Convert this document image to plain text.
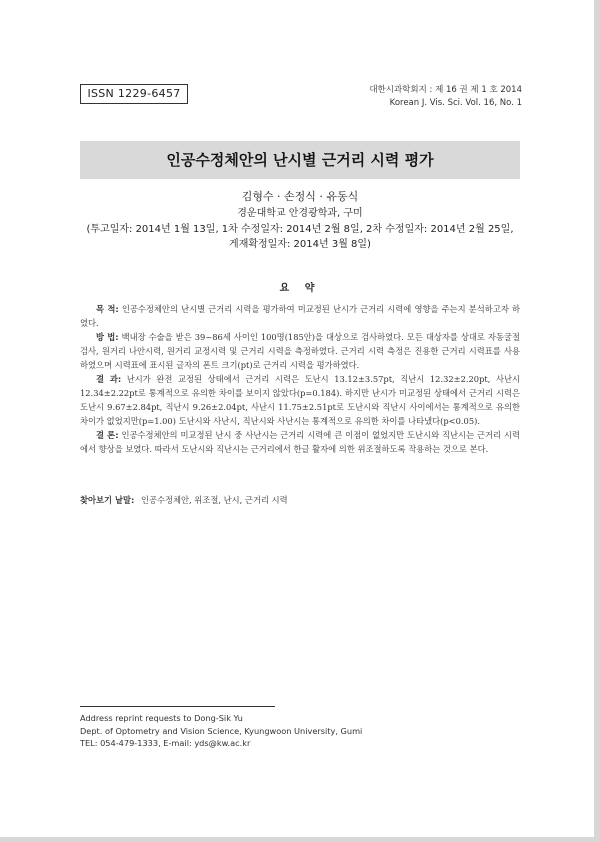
ISSN 1229-6457	대한시과학회지 : 제 16 권 제 1 호 2014
Korean J. Vis. Sci. Vol. 16, No. 1
인공수정체안의 난시별 근거리 시력 평가
김형수 · 손정식 · 유동식
경운대학교 안경광학과, 구미
(투고일자: 2014년 1월 13일, 1차 수정일자: 2014년 2월 8일, 2차 수정일자: 2014년 2월 25일,
게재확정일자: 2014년 3월 8일)
요 약

목 적: 인공수정체안의 난시별 근거리 시력을 평가하여 미교정된 난시가 근거리 시력에 영향을 주는지 분석하고자 하였다.

방 법: 백내장 수술을 받은 39~86세 사이인 100명(185안)을 대상으로 검사하였다. 모든 대상자를 상대로 자동굴절검사, 원거리 나안시력, 원거리 교정시력 및 근거리 시력을 측정하였다. 근거리 시력 측정은 진용한 근거리 시력표를 사용하였으며 시력표에 표시된 글자의 폰트 크기(pt)로 근거리 시력을 평가하였다.

결 과: 난시가 완전 교정된 상태에서 근거리 시력은 도난시 13.12±3.57pt, 직난시 12.32±2.20pt, 사난시 12.34±2.22pt로 통계적으로 유의한 차이를 보이지 않았다(p=0.184). 하지만 난시가 미교정된 상태에서 근거리 시력은 도난시 9.67±2.84pt, 직난시 9.26±2.04pt, 사난시 11.75±2.51pt로 도난시와 직난시 사이에서는 통계적으로 유의한 차이가 없었지만(p=1.00) 도난시와 사난시, 직난시와 사난시는 통계적으로 유의한 차이를 나타냈다(p<0.05).

결 론: 인공수정체안의 미교정된 난시 중 사난시는 근거리 시력에 큰 이점이 없었지만 도난시와 직난시는 근거리 시력에서 향상을 보였다. 따라서 도난시와 직난시는 근거리에서 한글 활자에 의한 위조절하도록 작용하는 것으로 본다.

찾아보기 낱말: 인공수정체안, 위조절, 난시, 근거리 시력
Address reprint requests to Dong-Sik Yu
Dept. of Optometry and Vision Science, Kyungwoon University, Gumi
TEL: 054-479-1333, E-mail: yds@kw.ac.kr
